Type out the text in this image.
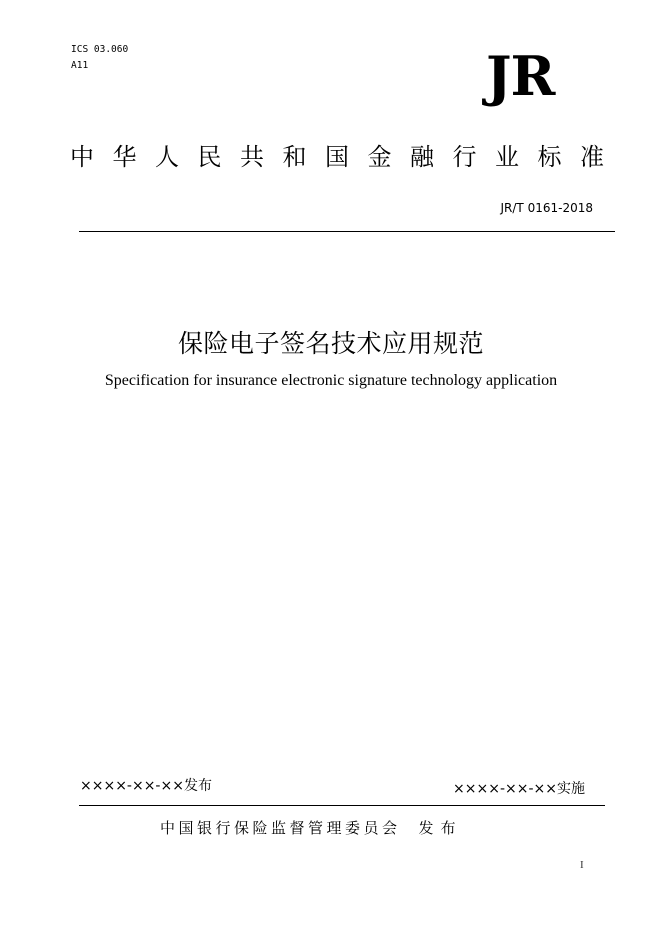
ICS 03.060
A11	JR
中华人民共和国金融行业标准
JR/T 0161-2018
保险电子签名技术应用规范
Specification for insurance electronic signature technology application
××××-××-××发布	××××-××-××实施
中国银行保险监督管理委员会 发布
I
